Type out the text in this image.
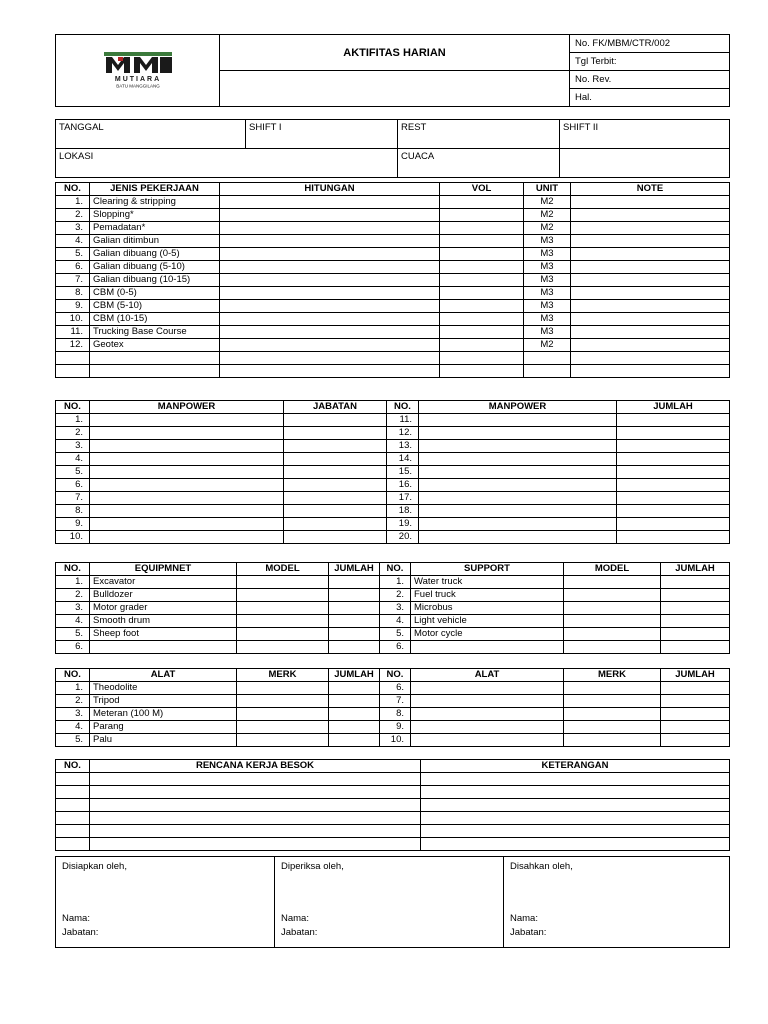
MUTIARA
BATU MANGGILANG	AKTIFITAS HARIAN	No. FK/MBM/CTR/002
		Tgl Terbit:
		No. Rev.
		Hal.
TANGGAL	SHIFT I	REST	SHIFT II
LOKASI		CUACA	
NO.	JENIS PEKERJAAN	HITUNGAN	VOL	UNIT	NOTE
1.	Clearing & stripping			M2	
2.	Slopping*			M2	
3.	Pemadatan*			M2	
4.	Galian ditimbun			M3	
5.	Galian dibuang (0-5)			M3	
6.	Galian dibuang (5-10)			M3	
7.	Galian dibuang (10-15)			M3	
8.	CBM (0-5)			M3	
9.	CBM (5-10)			M3	
10.	CBM (10-15)			M3	
11.	Trucking Base Course			M3	
12.	Geotex			M2	

NO.	MANPOWER	JABATAN	NO.	MANPOWER	JUMLAH
1.			11.		
2.			12.		
3.			13.		
4.			14.		
5.			15.		
6.			16.		
7.			17.		
8.			18.		
9.			19.		
10.			20.		
NO.	EQUIPMNET	MODEL	JUMLAH	NO.	SUPPORT	MODEL	JUMLAH
1.	Excavator			1.	Water truck		
2.	Bulldozer			2.	Fuel truck		
3.	Motor grader			3.	Microbus		
4.	Smooth drum			4.	Light vehicle		
5.	Sheep foot			5.	Motor cycle		
6.				6.			
NO.	ALAT	MERK	JUMLAH	NO.	ALAT	MERK	JUMLAH
1.	Theodolite			6.			
2.	Tripod			7.			
3.	Meteran (100 M)			8.			
4.	Parang			9.			
5.	Palu			10.			
NO.	RENCANA KERJA BESOK	KETERANGAN

Disiapkan oleh,
Nama:
Jabatan:

Diperiksa oleh,
Nama:
Jabatan:

Disahkan oleh,
Nama:
Jabatan:
